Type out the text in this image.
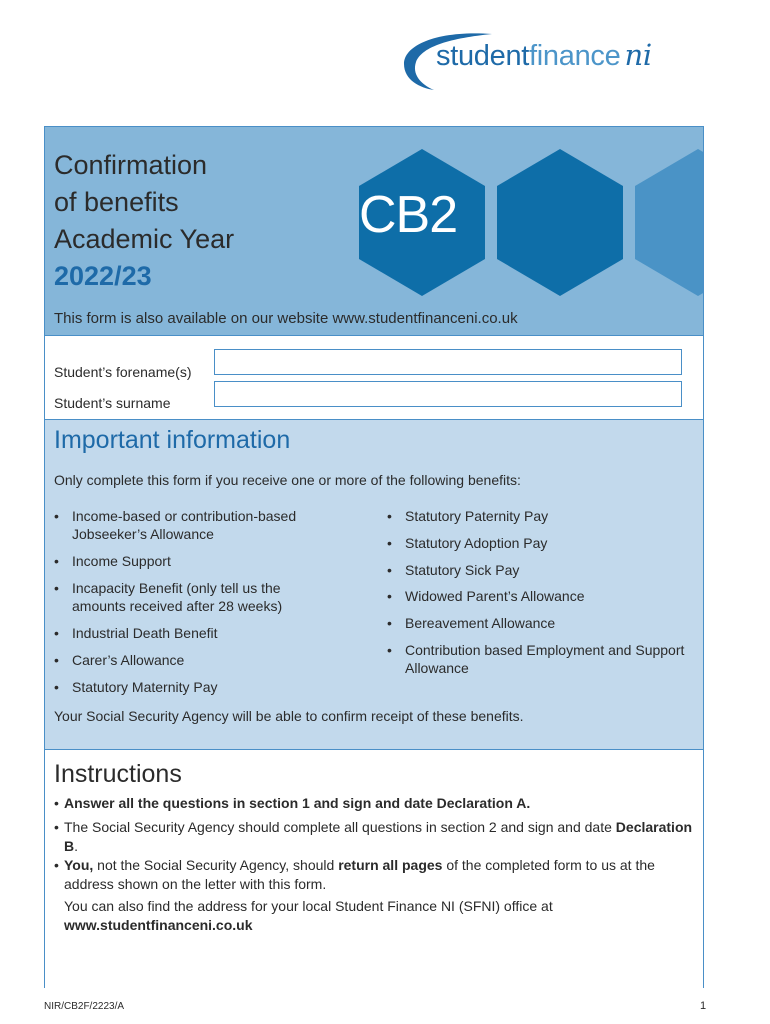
studentfinance ni
Confirmation
of benefits
Academic Year
2022/23
CB2
This form is also available on our website www.studentfinanceni.co.uk
Student’s forename(s)
Student’s surname
Important information
Only complete this form if you receive one or more of the following benefits:
• Income-based or contribution-based Jobseeker’s Allowance
• Income Support
• Incapacity Benefit (only tell us the amounts received after 28 weeks)
• Industrial Death Benefit
• Carer’s Allowance
• Statutory Maternity Pay
• Statutory Paternity Pay
• Statutory Adoption Pay
• Statutory Sick Pay
• Widowed Parent’s Allowance
• Bereavement Allowance
• Contribution based Employment and Support Allowance
Your Social Security Agency will be able to confirm receipt of these benefits.
Instructions
• Answer all the questions in section 1 and sign and date Declaration A.
• The Social Security Agency should complete all questions in section 2 and sign and date Declaration B.
• You, not the Social Security Agency, should return all pages of the completed form to us at the address shown on the letter with this form.
You can also find the address for your local Student Finance NI (SFNI) office at
www.studentfinanceni.co.uk
NIR/CB2F/2223/A	1
